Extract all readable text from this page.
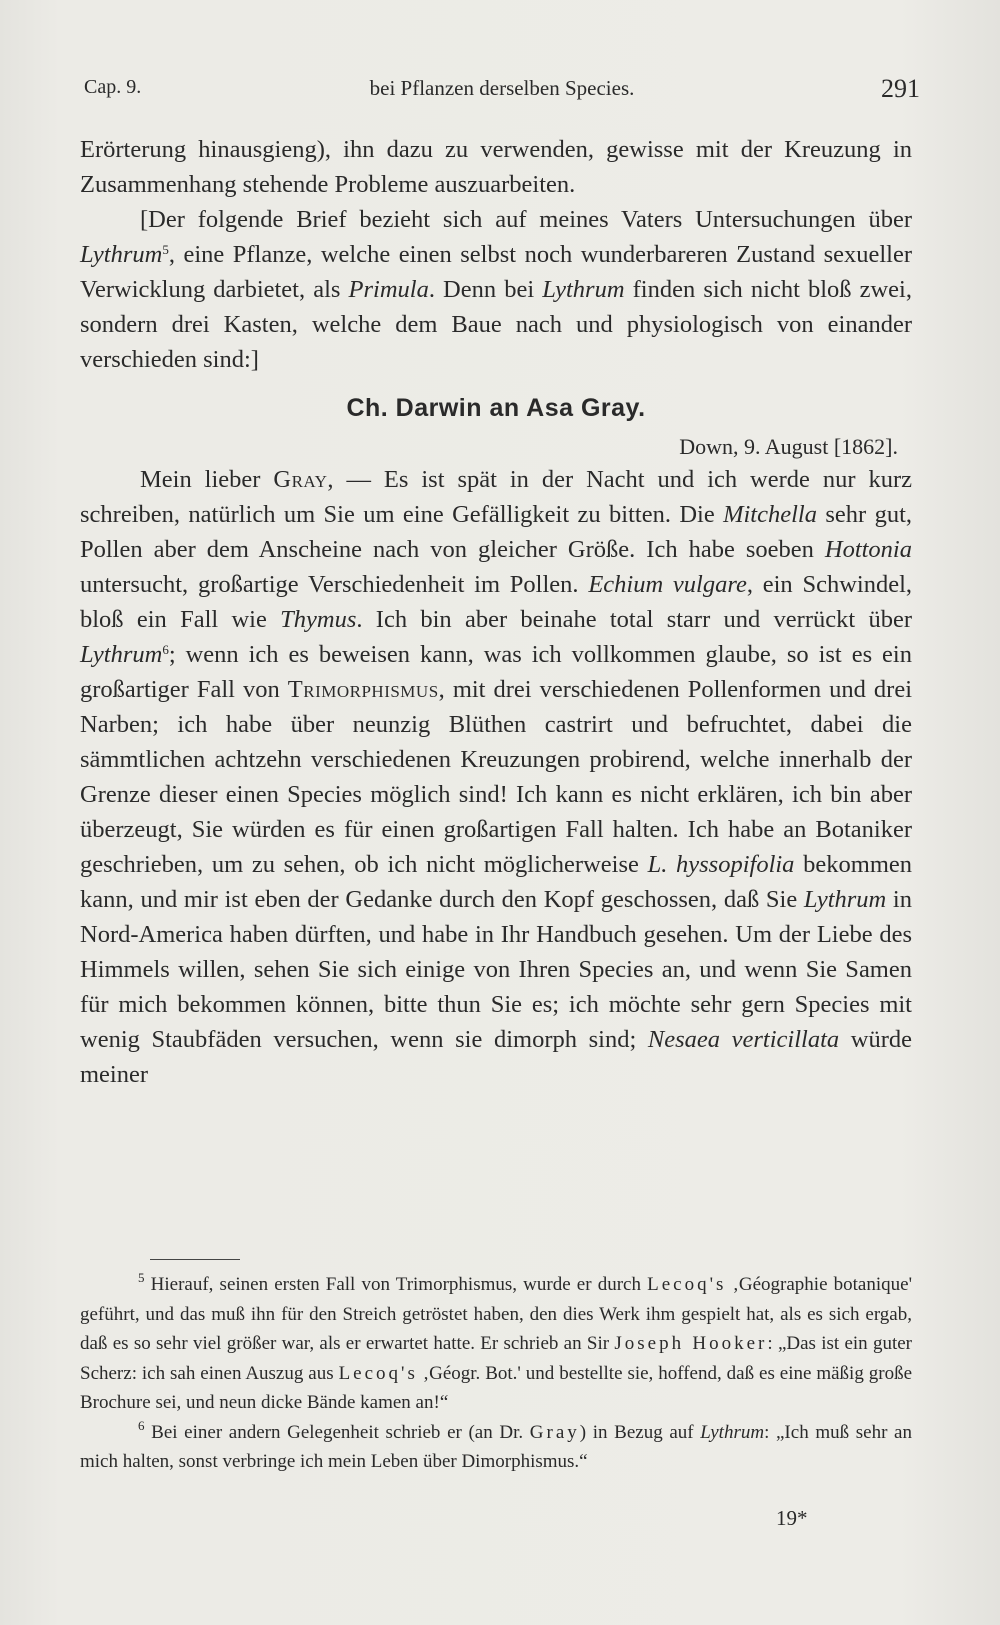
Cap. 9.	bei Pflanzen derselben Species.	291

Erörterung hinausgieng), ihn dazu zu verwenden, gewisse mit der Kreuzung in Zusammenhang stehende Probleme auszuarbeiten.

[Der folgende Brief bezieht sich auf meines Vaters Untersuchungen über Lythrum$^5$, eine Pflanze, welche einen selbst noch wunderbareren Zustand sexueller Verwicklung darbietet, als Primula. Denn bei Lythrum finden sich nicht bloß zwei, sondern drei Kasten, welche dem Baue nach und physiologisch von einander verschieden sind:]

Ch. Darwin an Asa Gray.
Down, 9. August [1862].

Mein lieber Gray, — Es ist spät in der Nacht und ich werde nur kurz schreiben, natürlich um Sie um eine Gefälligkeit zu bitten. Die Mitchella sehr gut, Pollen aber dem Anscheine nach von gleicher Größe. Ich habe soeben Hottonia untersucht, großartige Verschiedenheit im Pollen. Echium vulgare, ein Schwindel, bloß ein Fall wie Thymus. Ich bin aber beinahe total starr und verrückt über Lythrum$^6$; wenn ich es beweisen kann, was ich vollkommen glaube, so ist es ein großartiger Fall von Trimorphismus, mit drei verschiedenen Pollenformen und drei Narben; ich habe über neunzig Blüthen castrirt und befruchtet, dabei die sämmtlichen achtzehn verschiedenen Kreuzungen probirend, welche innerhalb der Grenze dieser einen Species möglich sind! Ich kann es nicht erklären, ich bin aber überzeugt, Sie würden es für einen großartigen Fall halten. Ich habe an Botaniker geschrieben, um zu sehen, ob ich nicht möglicherweise L. hyssopifolia bekommen kann, und mir ist eben der Gedanke durch den Kopf geschossen, daß Sie Lythrum in Nord-America haben dürften, und habe in Ihr Handbuch gesehen. Um der Liebe des Himmels willen, sehen Sie sich einige von Ihren Species an, und wenn Sie Samen für mich bekommen können, bitte thun Sie es; ich möchte sehr gern Species mit wenig Staubfäden versuchen, wenn sie dimorph sind; Nesaea verticillata würde meiner

$^5$ Hierauf, seinen ersten Fall von Trimorphismus, wurde er durch Lecoq's ‚Géographie botanique' geführt, und das muß ihn für den Streich getröstet haben, den dies Werk ihm gespielt hat, als es sich ergab, daß es so sehr viel größer war, als er erwartet hatte. Er schrieb an Sir Joseph Hooker: „Das ist ein guter Scherz: ich sah einen Auszug aus Lecoq's ‚Géogr. Bot.' und bestellte sie, hoffend, daß es eine mäßig große Brochure sei, und neun dicke Bände kamen an!“

$^6$ Bei einer andern Gelegenheit schrieb er (an Dr. Gray) in Bezug auf Lythrum: „Ich muß sehr an mich halten, sonst verbringe ich mein Leben über Dimorphismus.“

19*
